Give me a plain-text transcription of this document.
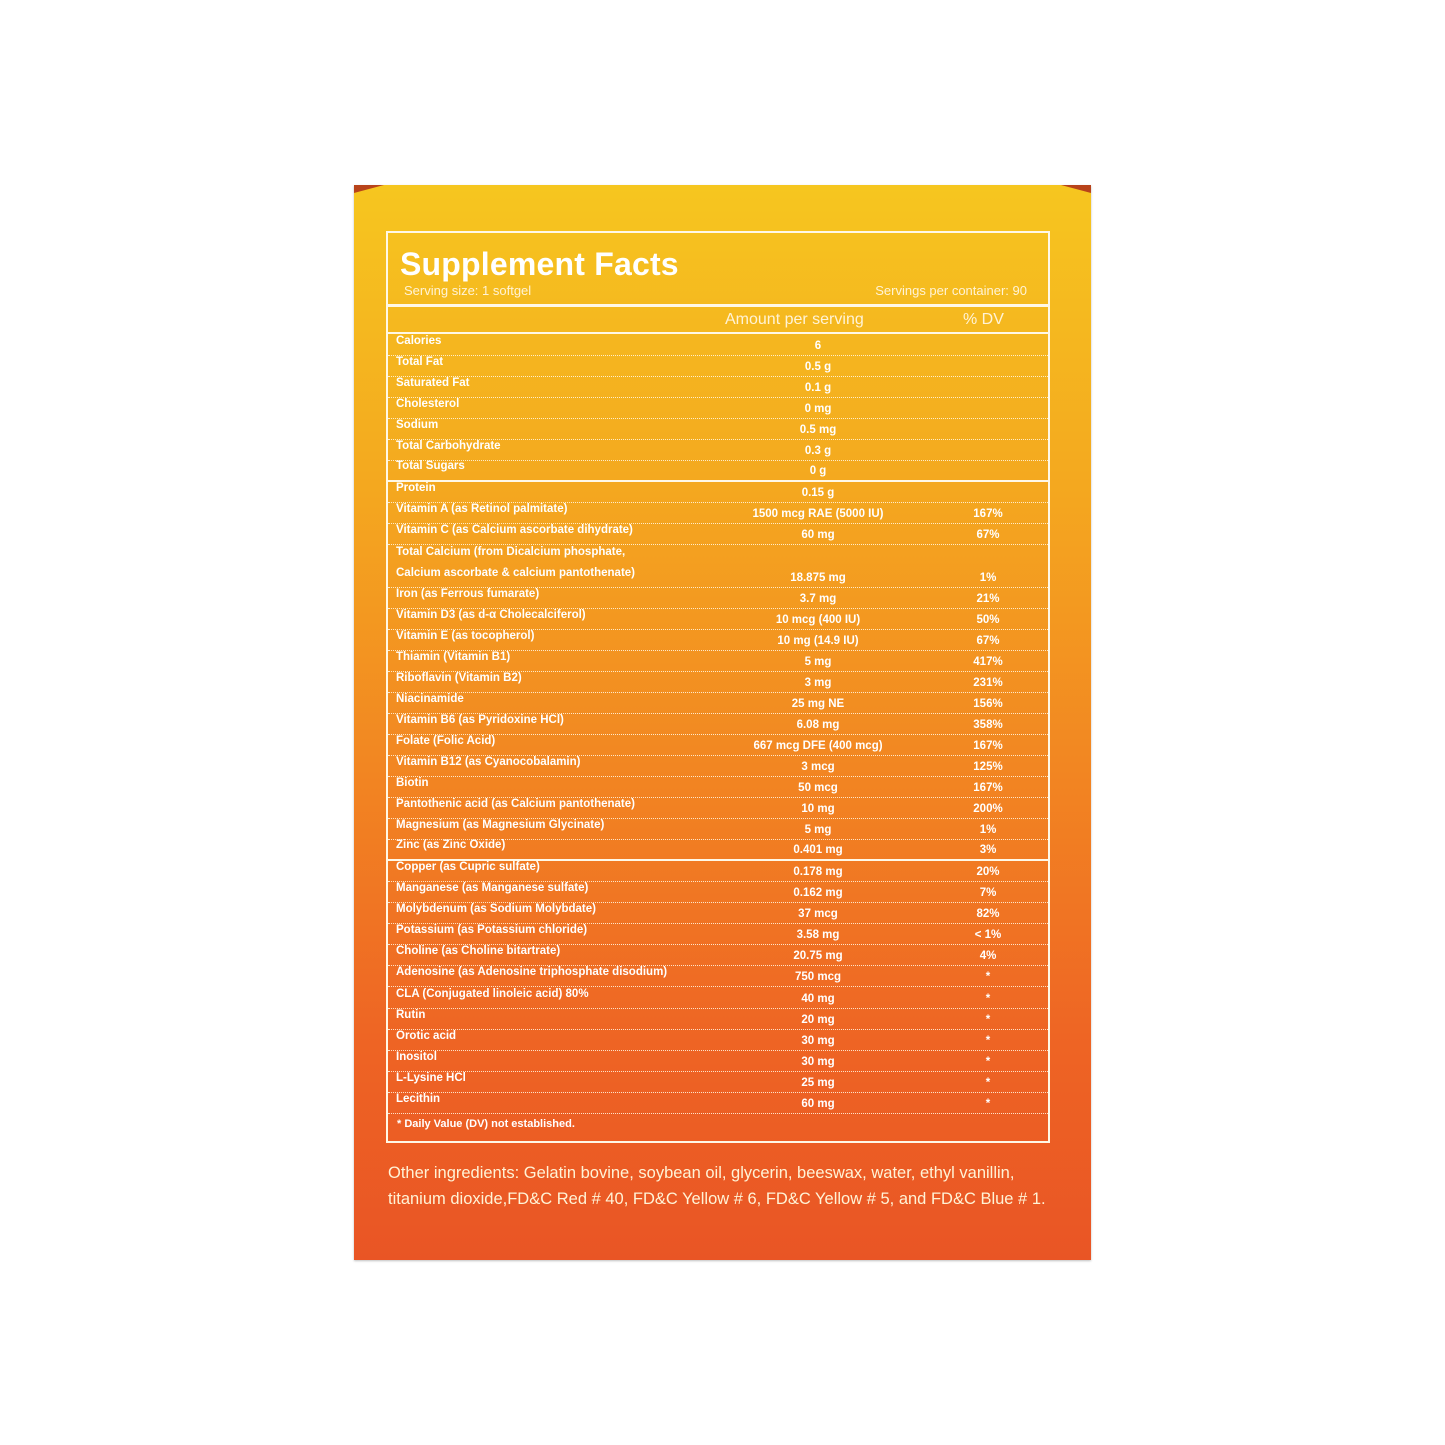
Supplement Facts
Serving size: 1 softgel	Servings per container: 90
Amount per serving	% DV
Calories	6
Total Fat	0.5 g
Saturated Fat	0.1 g
Cholesterol	0 mg
Sodium	0.5 mg
Total Carbohydrate	0.3 g
Total Sugars	0 g
Protein	0.15 g
Vitamin A (as Retinol palmitate)	1500 mcg RAE (5000 IU)	167%
Vitamin C (as Calcium ascorbate dihydrate)	60 mg	67%
Total Calcium (from Dicalcium phosphate,
Calcium ascorbate & calcium pantothenate)	18.875 mg	1%
Iron (as Ferrous fumarate)	3.7 mg	21%
Vitamin D3 (as d-α Cholecalciferol)	10 mcg (400 IU)	50%
Vitamin E (as tocopherol)	10 mg (14.9 IU)	67%
Thiamin (Vitamin B1)	5 mg	417%
Riboflavin (Vitamin B2)	3 mg	231%
Niacinamide	25 mg NE	156%
Vitamin B6 (as Pyridoxine HCl)	6.08 mg	358%
Folate (Folic Acid)	667 mcg DFE (400 mcg)	167%
Vitamin B12 (as Cyanocobalamin)	3 mcg	125%
Biotin	50 mcg	167%
Pantothenic acid (as Calcium pantothenate)	10 mg	200%
Magnesium (as Magnesium Glycinate)	5 mg	1%
Zinc (as Zinc Oxide)	0.401 mg	3%
Copper (as Cupric sulfate)	0.178 mg	20%
Manganese (as Manganese sulfate)	0.162 mg	7%
Molybdenum (as Sodium Molybdate)	37 mcg	82%
Potassium (as Potassium chloride)	3.58 mg	< 1%
Choline (as Choline bitartrate)	20.75 mg	4%
Adenosine (as Adenosine triphosphate disodium)	750 mcg	*
CLA (Conjugated linoleic acid) 80%	40 mg	*
Rutin	20 mg	*
Orotic acid	30 mg	*
Inositol	30 mg	*
L-Lysine HCl	25 mg	*
Lecithin	60 mg	*
* Daily Value (DV) not established.
Other ingredients: Gelatin bovine, soybean oil, glycerin, beeswax, water, ethyl vanillin,
titanium dioxide,FD&C Red # 40, FD&C Yellow # 6, FD&C Yellow # 5, and FD&C Blue # 1.
